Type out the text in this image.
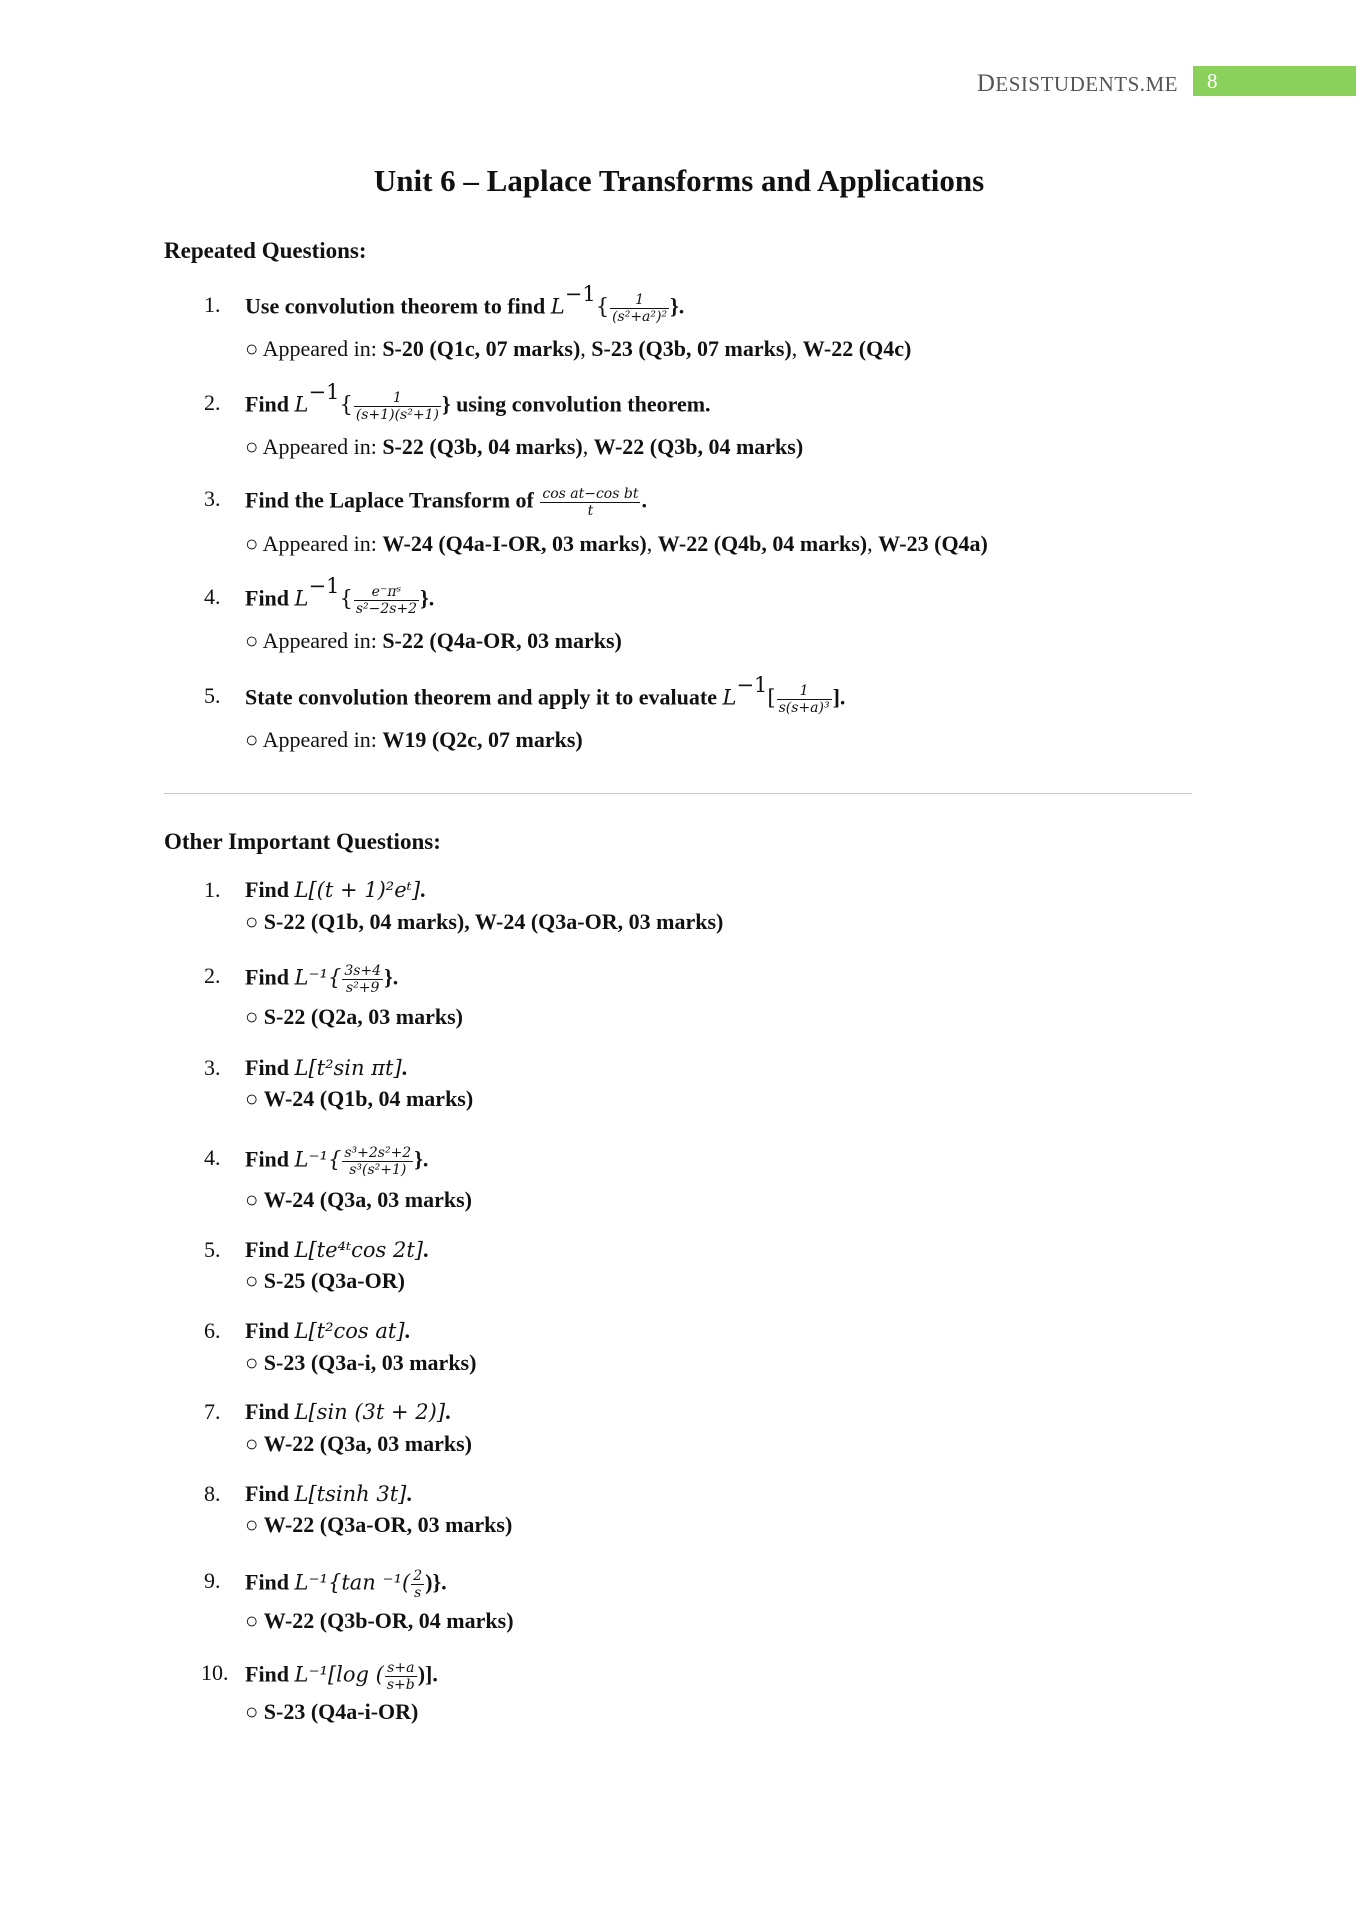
DESISTUDENTS.ME 8
Unit 6 – Laplace Transforms and Applications
Repeated Questions:
1. Use convolution theorem to find $L^{-1}\{ \frac{1}{\text{(s²+a²)²}}$ }.
○ Appeared in: S-20 (Q1c, 07 marks), S-23 (Q3b, 07 marks), W-22 (Q4c)
2. Find $L^{-1}\{ \frac{1}{\text{(s+1)(s²+1)}}$ } using convolution theorem.
○ Appeared in: S-22 (Q3b, 04 marks), W-22 (Q3b, 04 marks)
3. Find the Laplace Transform of $\frac{\text{cos at−cos bt}}{t}$ .
○ Appeared in: W-24 (Q4a-I-OR, 03 marks), W-22 (Q4b, 04 marks), W-23 (Q4a)
4. Find $L^{-1}\{ \frac{\text{e⁻ᴨˢ}}{\text{s²−2s+2}}$ }.
○ Appeared in: S-22 (Q4a-OR, 03 marks)
5. State convolution theorem and apply it to evaluate $L^{-1}[ \frac{1}{\text{s(s+a)³}}$ ].
○ Appeared in: W19 (Q2c, 07 marks)
Other Important Questions:
1. Find L[(t + 1)²eᵗ].
○ S-22 (Q1b, 04 marks), W-24 (Q3a-OR, 03 marks)
2. Find $L^{-1}\{ \frac{3s+4}{\text{s²+9}}$ }.
○ S-22 (Q2a, 03 marks)
3. Find L[t²sin πt].
○ W-24 (Q1b, 04 marks)
4. Find $L^{-1}\{ \frac{\text{s³+2s²+2}}{\text{s³(s²+1)}}$ }.
○ W-24 (Q3a, 03 marks)
5. Find L[te⁴ᵗcos 2t].
○ S-25 (Q3a-OR)
6. Find L[t²cos at].
○ S-23 (Q3a-i, 03 marks)
7. Find L[sin (3t + 2)].
○ W-22 (Q3a, 03 marks)
8. Find L[tsinh 3t].
○ W-22 (Q3a-OR, 03 marks)
9. Find L⁻¹{tan $^{-1}( \frac{2}{s}$ )}.
○ W-22 (Q3b-OR, 04 marks)
10. Find L⁻¹[log ( $\frac{s+a}{s+b}$ )].
○ S-23 (Q4a-i-OR)
